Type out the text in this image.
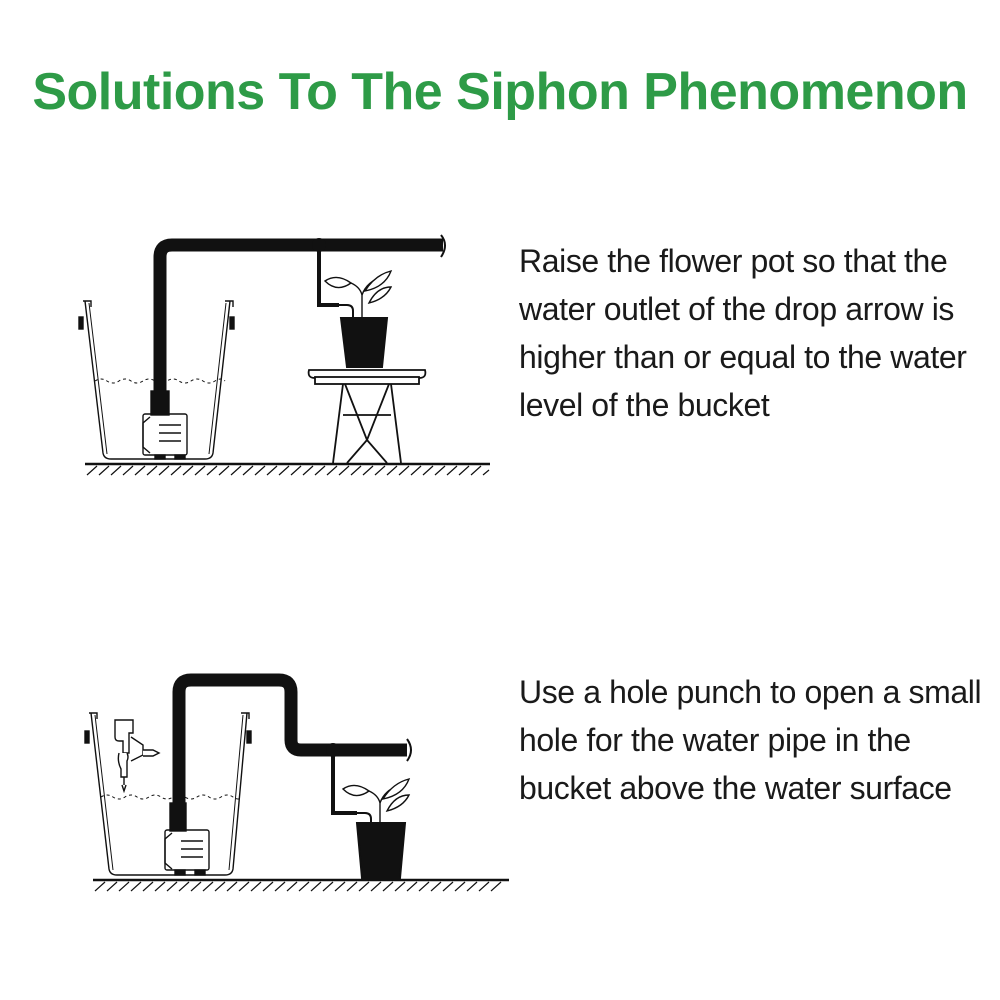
Solutions To The Siphon Phenomenon

Raise the flower pot so that the water outlet of the drop arrow is higher than or equal to the water level of the bucket

Use a hole punch to open a small hole for the water pipe in the bucket above the water surface
